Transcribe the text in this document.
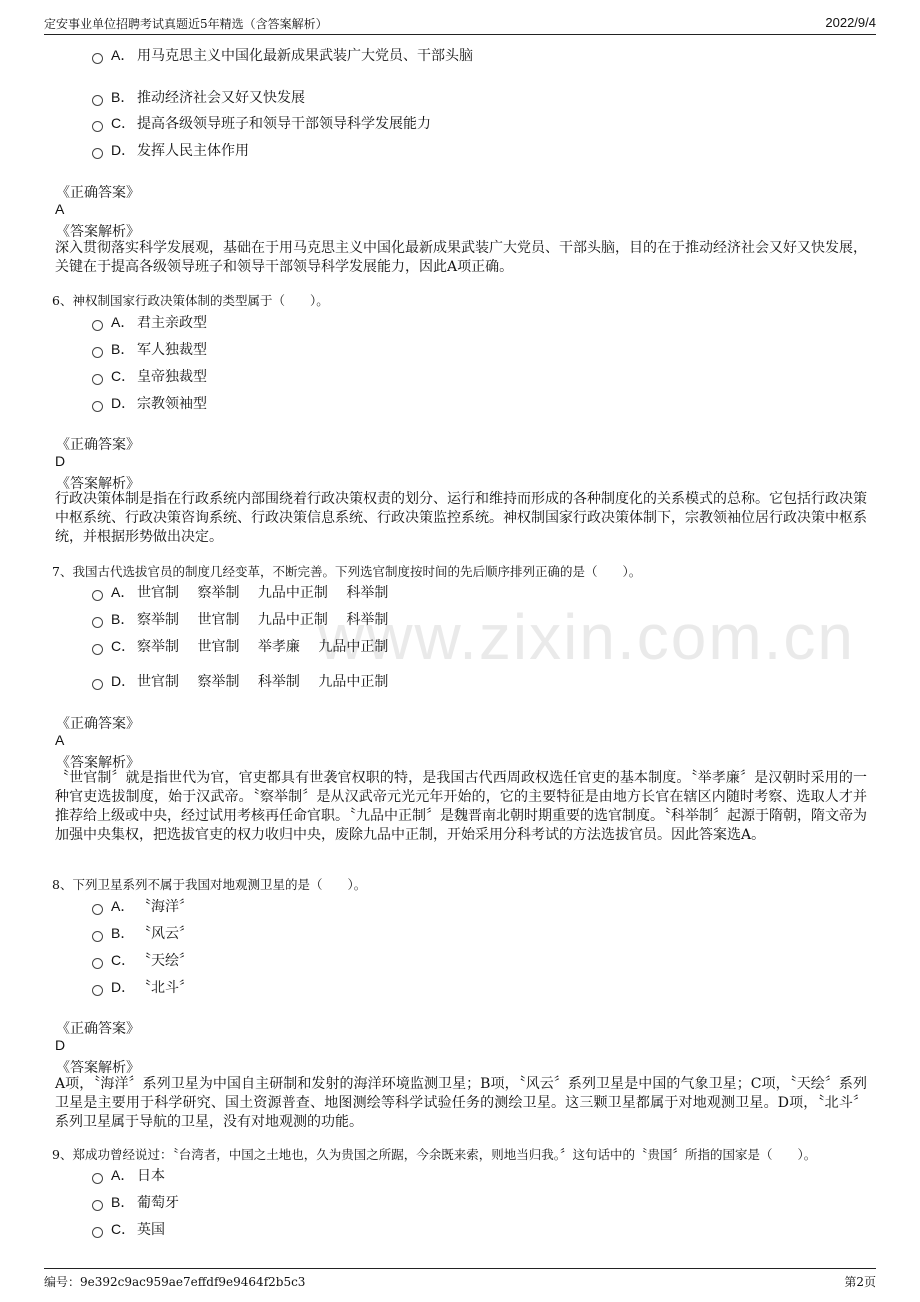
定安事业单位招聘考试真题近5年精选（含答案解析）	2022/9/4
www.zixin.com.cn
A． 用马克思主义中国化最新成果武装广大党员、干部头脑
B． 推动经济社会又好又快发展
C． 提高各级领导班子和领导干部领导科学发展能力
D． 发挥人民主体作用
《正确答案》
A
《答案解析》
深入贯彻落实科学发展观，基础在于用马克思主义中国化最新成果武装广大党员、干部头脑，目的在于推动经济社会又好又快发展，关键在于提高各级领导班子和领导干部领导科学发展能力，因此A项正确。
6、神权制国家行政决策体制的类型属于（　　）。
A． 君主亲政型
B． 军人独裁型
C． 皇帝独裁型
D． 宗教领袖型
《正确答案》
D
《答案解析》
行政决策体制是指在行政系统内部围绕着行政决策权责的划分、运行和维持而形成的各种制度化的关系模式的总称。它包括行政决策中枢系统、行政决策咨询系统、行政决策信息系统、行政决策监控系统。神权制国家行政决策体制下，宗教领袖位居行政决策中枢系统，并根据形势做出决定。
7、我国古代选拔官员的制度几经变革，不断完善。下列选官制度按时间的先后顺序排列正确的是（　　）。
A． 世官制　 察举制　 九品中正制　 科举制
B． 察举制　 世官制　 九品中正制　 科举制
C． 察举制　 世官制　 举孝廉　 九品中正制
D． 世官制　 察举制　 科举制　 九品中正制
《正确答案》
A
《答案解析》
〝世官制〞就是指世代为官，官吏都具有世袭官权职的特，是我国古代西周政权选任官吏的基本制度。〝举孝廉〞是汉朝时采用的一种官吏选拔制度，始于汉武帝。〝察举制〞是从汉武帝元光元年开始的，它的主要特征是由地方长官在辖区内随时考察、选取人才并推荐给上级或中央，经过试用考核再任命官职。〝九品中正制〞是魏晋南北朝时期重要的选官制度。〝科举制〞起源于隋朝，隋文帝为加强中央集权，把选拔官吏的权力收归中央，废除九品中正制，开始采用分科考试的方法选拔官员。因此答案选A。
8、下列卫星系列不属于我国对地观测卫星的是（　　）。
A． 〝海洋〞
B． 〝风云〞
C． 〝天绘〞
D． 〝北斗〞
《正确答案》
D
《答案解析》
A项，〝海洋〞系列卫星为中国自主研制和发射的海洋环境监测卫星；B项，〝风云〞系列卫星是中国的气象卫星；C项，〝天绘〞系列卫星是主要用于科学研究、国土资源普查、地图测绘等科学试验任务的测绘卫星。这三颗卫星都属于对地观测卫星。D项，〝北斗〞系列卫星属于导航的卫星，没有对地观测的功能。
9、郑成功曾经说过：〝台湾者，中国之土地也，久为贵国之所踞，今余既来索，则地当归我。〞这句话中的〝贵国〞所指的国家是（　　）。
A． 日本
B． 葡萄牙
C． 英国
编号：9e392c9ac959ae7effdf9e9464f2b5c3	第2页
